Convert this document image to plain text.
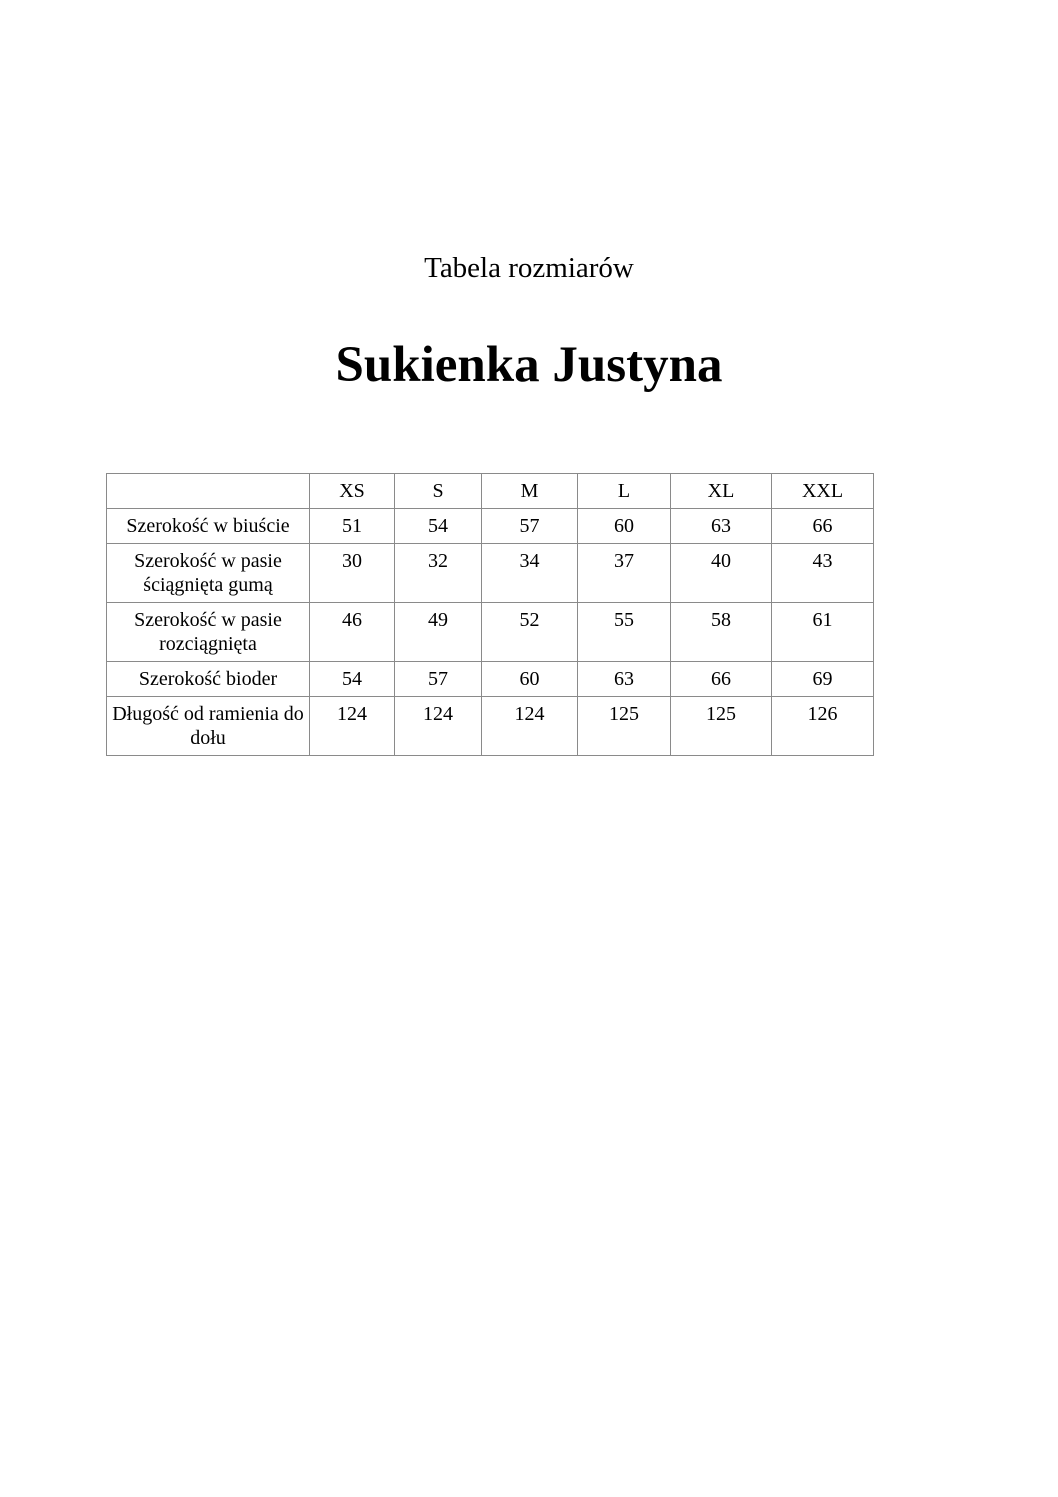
Tabela rozmiarów
Sukienka Justyna
	XS	S	M	L	XL	XXL
Szerokość w biuście	51	54	57	60	63	66
Szerokość w pasie ściągnięta gumą	30	32	34	37	40	43
Szerokość w pasie rozciągnięta	46	49	52	55	58	61
Szerokość bioder	54	57	60	63	66	69
Długość od ramienia do dołu	124	124	124	125	125	126
